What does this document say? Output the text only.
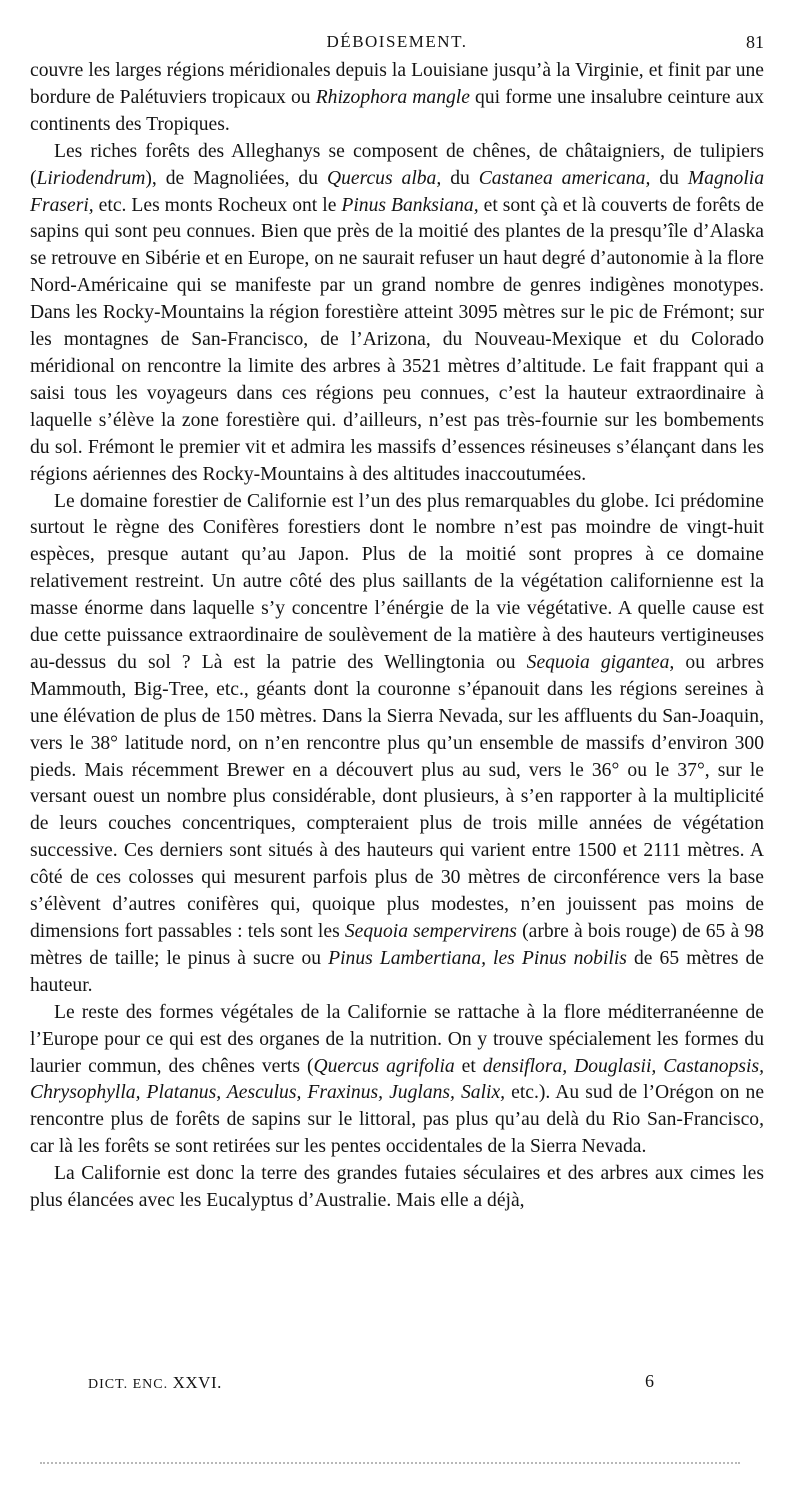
DÉBOISEMENT.	81

couvre les larges régions méridionales depuis la Louisiane jusqu’à la Virginie, et finit par une bordure de Palétuviers tropicaux ou Rhizophora mangle qui forme une insalubre ceinture aux continents des Tropiques.

Les riches forêts des Alleghanys se composent de chênes, de châtaigniers, de tulipiers (Liriodendrum), de Magnoliées, du Quercus alba, du Castanea americana, du Magnolia Fraseri, etc. Les monts Rocheux ont le Pinus Banksiana, et sont çà et là couverts de forêts de sapins qui sont peu connues. Bien que près de la moitié des plantes de la presqu’île d’Alaska se retrouve en Sibérie et en Europe, on ne saurait refuser un haut degré d’autonomie à la flore Nord-Américaine qui se manifeste par un grand nombre de genres indigènes monotypes. Dans les Rocky-Mountains la région forestière atteint 3095 mètres sur le pic de Frémont; sur les montagnes de San-Francisco, de l’Arizona, du Nouveau-Mexique et du Colorado méridional on rencontre la limite des arbres à 3521 mètres d’altitude. Le fait frappant qui a saisi tous les voyageurs dans ces régions peu connues, c’est la hauteur extraordinaire à laquelle s’élève la zone forestière qui. d’ailleurs, n’est pas très-fournie sur les bombements du sol. Frémont le premier vit et admira les massifs d’essences résineuses s’élançant dans les régions aériennes des Rocky-Mountains à des altitudes inaccoutumées.

Le domaine forestier de Californie est l’un des plus remarquables du globe. Ici prédomine surtout le règne des Conifères forestiers dont le nombre n’est pas moindre de vingt-huit espèces, presque autant qu’au Japon. Plus de la moitié sont propres à ce domaine relativement restreint. Un autre côté des plus saillants de la végétation californienne est la masse énorme dans laquelle s’y concentre l’énérgie de la vie végétative. A quelle cause est due cette puissance extraordinaire de soulèvement de la matière à des hauteurs vertigineuses au-dessus du sol ? Là est la patrie des Wellingtonia ou Sequoia gigantea, ou arbres Mammouth, Big-Tree, etc., géants dont la couronne s’épanouit dans les régions sereines à une élévation de plus de 150 mètres. Dans la Sierra Nevada, sur les affluents du San-Joaquin, vers le 38° latitude nord, on n’en rencontre plus qu’un ensemble de massifs d’environ 300 pieds. Mais récemment Brewer en a découvert plus au sud, vers le 36° ou le 37°, sur le versant ouest un nombre plus considérable, dont plusieurs, à s’en rapporter à la multiplicité de leurs couches concentriques, compteraient plus de trois mille années de végétation successive. Ces derniers sont situés à des hauteurs qui varient entre 1500 et 2111 mètres. A côté de ces colosses qui mesurent parfois plus de 30 mètres de circonférence vers la base s’élèvent d’autres conifères qui, quoique plus modestes, n’en jouissent pas moins de dimensions fort passables : tels sont les Sequoia sempervirens (arbre à bois rouge) de 65 à 98 mètres de taille; le pinus à sucre ou Pinus Lambertiana, les Pinus nobilis de 65 mètres de hauteur.

Le reste des formes végétales de la Californie se rattache à la flore méditerranéenne de l’Europe pour ce qui est des organes de la nutrition. On y trouve spécialement les formes du laurier commun, des chênes verts (Quercus agrifolia et densiflora, Douglasii, Castanopsis, Chrysophylla, Platanus, Aesculus, Fraxinus, Juglans, Salix, etc.). Au sud de l’Orégon on ne rencontre plus de forêts de sapins sur le littoral, pas plus qu’au delà du Rio San-Francisco, car là les forêts se sont retirées sur les pentes occidentales de la Sierra Nevada.

La Californie est donc la terre des grandes futaies séculaires et des arbres aux cimes les plus élancées avec les Eucalyptus d’Australie. Mais elle a déjà,

DICT. ENC. XXVI.	6
